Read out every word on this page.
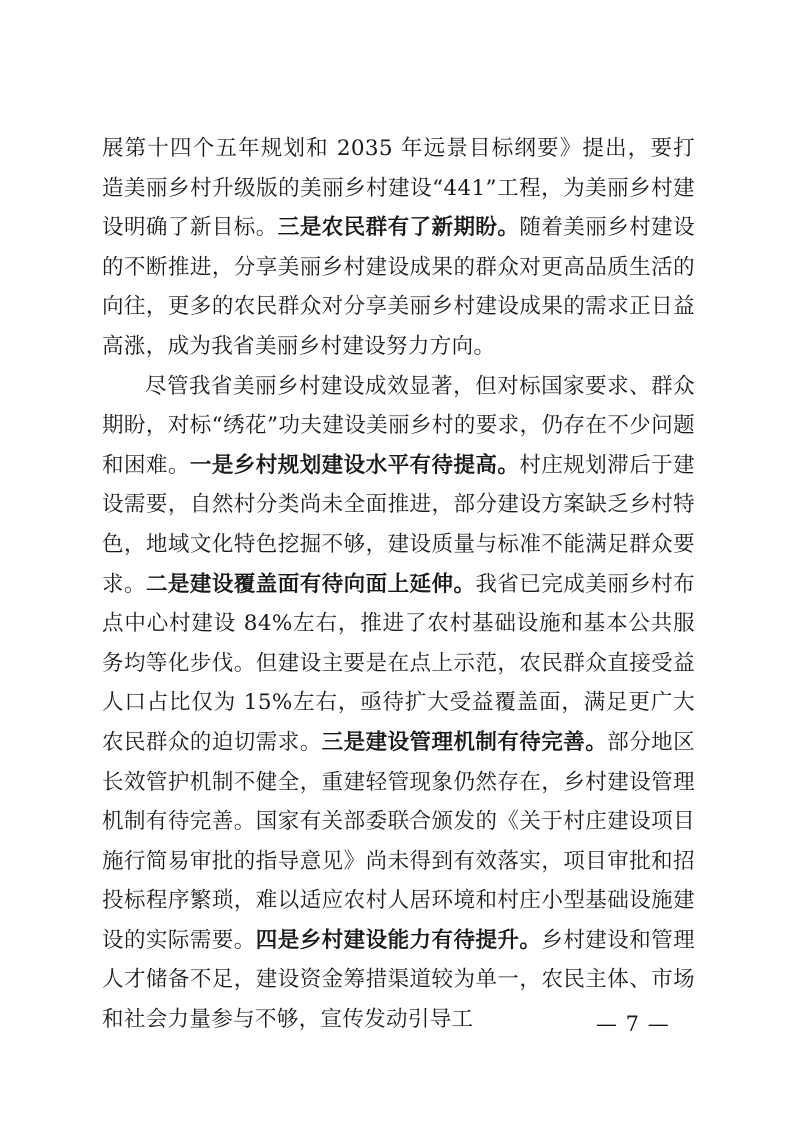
展第十四个五年规划和 2035 年远景目标纲要》提出，要打造美丽乡村升级版的美丽乡村建设“441”工程，为美丽乡村建设明确了新目标。三是农民群有了新期盼。随着美丽乡村建设的不断推进，分享美丽乡村建设成果的群众对更高品质生活的向往，更多的农民群众对分享美丽乡村建设成果的需求正日益高涨，成为我省美丽乡村建设努力方向。

尽管我省美丽乡村建设成效显著，但对标国家要求、群众期盼，对标“绣花”功夫建设美丽乡村的要求，仍存在不少问题和困难。一是乡村规划建设水平有待提高。村庄规划滞后于建设需要，自然村分类尚未全面推进，部分建设方案缺乏乡村特色，地域文化特色挖掘不够，建设质量与标准不能满足群众要求。二是建设覆盖面有待向面上延伸。我省已完成美丽乡村布点中心村建设 84%左右，推进了农村基础设施和基本公共服务均等化步伐。但建设主要是在点上示范，农民群众直接受益人口占比仅为 15%左右，亟待扩大受益覆盖面，满足更广大农民群众的迫切需求。三是建设管理机制有待完善。部分地区长效管护机制不健全，重建轻管现象仍然存在，乡村建设管理机制有待完善。国家有关部委联合颁发的《关于村庄建设项目施行简易审批的指导意见》尚未得到有效落实，项目审批和招投标程序繁琐，难以适应农村人居环境和村庄小型基础设施建设的实际需要。四是乡村建设能力有待提升。乡村建设和管理人才储备不足，建设资金筹措渠道较为单一，农民主体、市场和社会力量参与不够，宣传发动引导工	— 7 —
